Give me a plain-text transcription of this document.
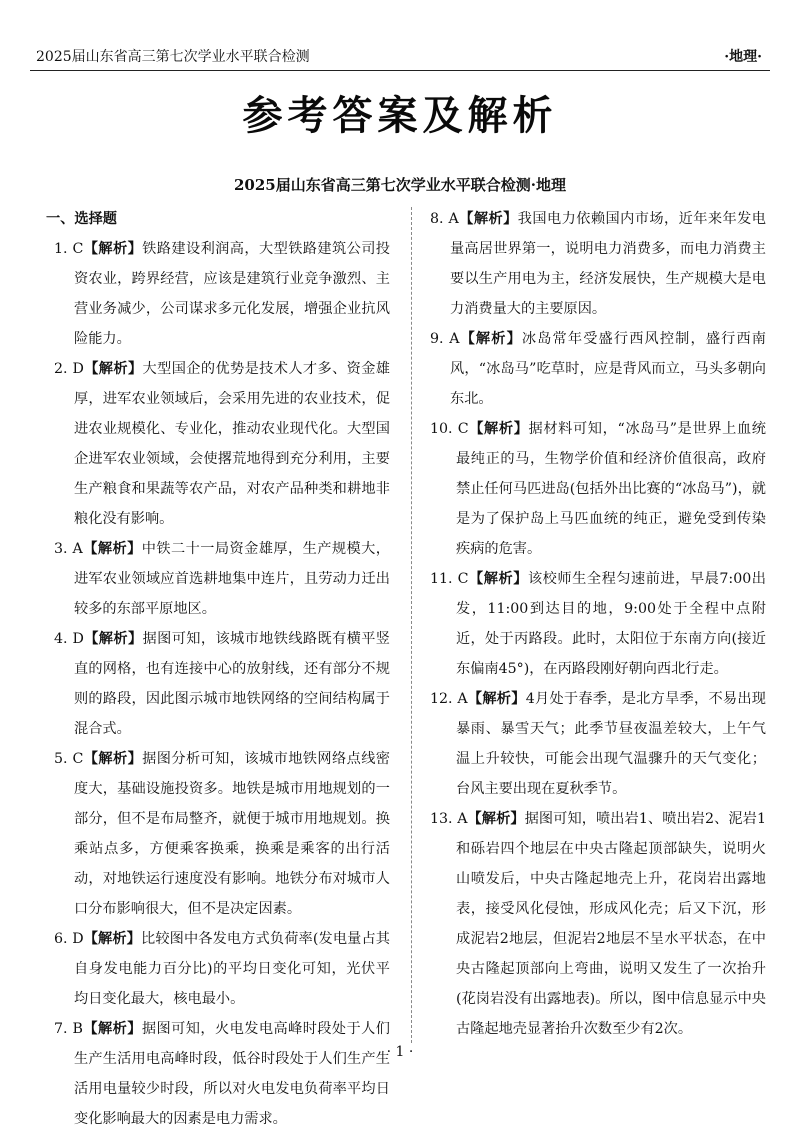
2025届山东省高三第七次学业水平联合检测	·地理·
参考答案及解析
2025届山东省高三第七次学业水平联合检测·地理
一、选择题
1. C【解析】铁路建设利润高，大型铁路建筑公司投资农业，跨界经营，应该是建筑行业竞争激烈、主营业务减少，公司谋求多元化发展，增强企业抗风险能力。
2. D【解析】大型国企的优势是技术人才多、资金雄厚，进军农业领域后，会采用先进的农业技术，促进农业规模化、专业化，推动农业现代化。大型国企进军农业领域，会使撂荒地得到充分利用，主要生产粮食和果蔬等农产品，对农产品种类和耕地非粮化没有影响。
3. A【解析】中铁二十一局资金雄厚，生产规模大，进军农业领域应首选耕地集中连片，且劳动力迁出较多的东部平原地区。
4. D【解析】据图可知，该城市地铁线路既有横平竖直的网格，也有连接中心的放射线，还有部分不规则的路段，因此图示城市地铁网络的空间结构属于混合式。
5. C【解析】据图分析可知，该城市地铁网络点线密度大，基础设施投资多。地铁是城市用地规划的一部分，但不是布局整齐，就便于城市用地规划。换乘站点多，方便乘客换乘，换乘是乘客的出行活动，对地铁运行速度没有影响。地铁分布对城市人口分布影响很大，但不是决定因素。
6. D【解析】比较图中各发电方式负荷率(发电量占其自身发电能力百分比)的平均日变化可知，光伏平均日变化最大，核电最小。
7. B【解析】据图可知，火电发电高峰时段处于人们生产生活用电高峰时段，低谷时段处于人们生产生活用电量较少时段，所以对火电发电负荷率平均日变化影响最大的因素是电力需求。
8. A【解析】我国电力依赖国内市场，近年来年发电量高居世界第一，说明电力消费多，而电力消费主要以生产用电为主，经济发展快，生产规模大是电力消费量大的主要原因。
9. A【解析】冰岛常年受盛行西风控制，盛行西南风，“冰岛马”吃草时，应是背风而立，马头多朝向东北。
10. C【解析】据材料可知，“冰岛马”是世界上血统最纯正的马，生物学价值和经济价值很高，政府禁止任何马匹进岛(包括外出比赛的“冰岛马”)，就是为了保护岛上马匹血统的纯正，避免受到传染疾病的危害。
11. C【解析】该校师生全程匀速前进，早晨7:00出发，11:00到达目的地，9:00处于全程中点附近，处于丙路段。此时，太阳位于东南方向(接近东偏南45°)，在丙路段刚好朝向西北行走。
12. A【解析】4月处于春季，是北方旱季，不易出现暴雨、暴雪天气；此季节昼夜温差较大，上午气温上升较快，可能会出现气温骤升的天气变化；台风主要出现在夏秋季节。
13. A【解析】据图可知，喷出岩1、喷出岩2、泥岩1和砾岩四个地层在中央古隆起顶部缺失，说明火山喷发后，中央古隆起地壳上升，花岗岩出露地表，接受风化侵蚀，形成风化壳；后又下沉，形成泥岩2地层，但泥岩2地层不呈水平状态，在中央古隆起顶部向上弯曲，说明又发生了一次抬升(花岗岩没有出露地表)。所以，图中信息显示中央古隆起地壳显著抬升次数至少有2次。
· 1 ·
